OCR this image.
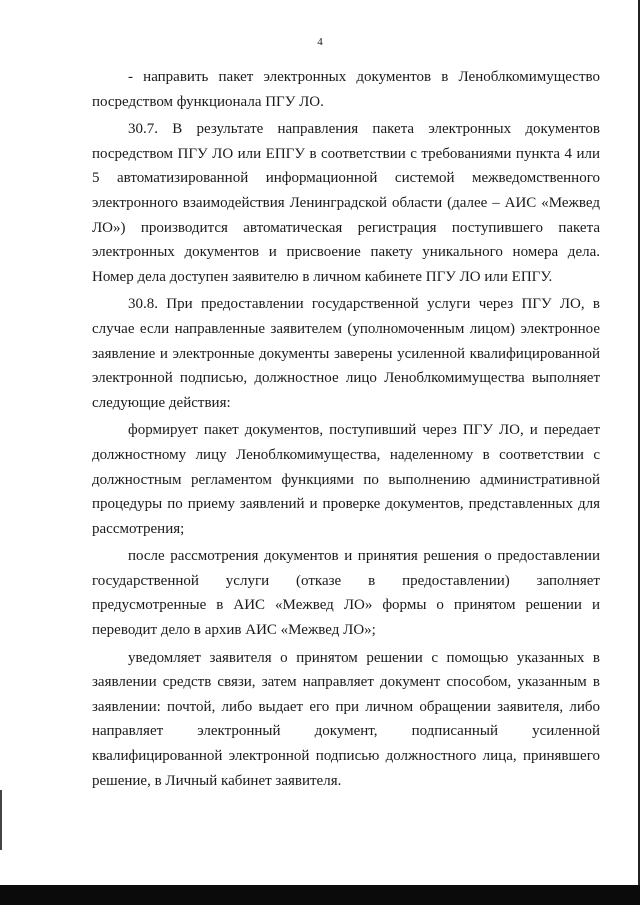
4

- направить пакет электронных документов в Леноблкомимущество посредством функционала ПГУ ЛО.

30.7. В результате направления пакета электронных документов посредством ПГУ ЛО или ЕПГУ в соответствии с требованиями пункта 4 или 5 автоматизированной информационной системой межведомственного электронного взаимодействия Ленинградской области (далее – АИС «Межвед ЛО») производится автоматическая регистрация поступившего пакета электронных документов и присвоение пакету уникального номера дела. Номер дела доступен заявителю в личном кабинете ПГУ ЛО или ЕПГУ.

30.8. При предоставлении государственной услуги через ПГУ ЛО, в случае если направленные заявителем (уполномоченным лицом) электронное заявление и электронные документы заверены усиленной квалифицированной электронной подписью, должностное лицо Леноблкомимущества выполняет следующие действия:

формирует пакет документов, поступивший через ПГУ ЛО, и передает должностному лицу Леноблкомимущества, наделенному в соответствии с должностным регламентом функциями по выполнению административной процедуры по приему заявлений и проверке документов, представленных для рассмотрения;

после рассмотрения документов и принятия решения о предоставлении государственной услуги (отказе в предоставлении) заполняет предусмотренные в АИС «Межвед ЛО» формы о принятом решении и переводит дело в архив АИС «Межвед ЛО»;

уведомляет заявителя о принятом решении с помощью указанных в заявлении средств связи, затем направляет документ способом, указанным в заявлении: почтой, либо выдает его при личном обращении заявителя, либо направляет электронный документ, подписанный усиленной квалифицированной электронной подписью должностного лица, принявшего решение, в Личный кабинет заявителя.
